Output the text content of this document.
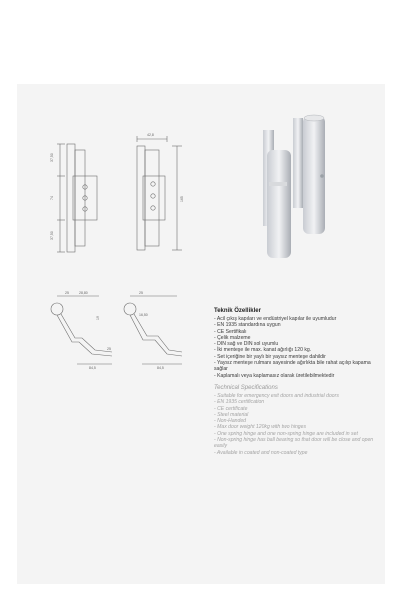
37,50
74
37,50
42,8
165
25	28,80	25
16,50
19
84,5	84,5
25
Teknik Özellikler
- Acil çıkış kapıları ve endüstriyel kapılar ile uyumludur
- EN 1935 standardına uygun
- CE Sertifikalı
- Çelik malzeme
- DIN sağ ve DIN sol uyumlu
- İki menteşe ile max. kanat ağırlığı 120 kg.
- Set içeriğine bir yaylı bir yaysız menteşe dahildir
- Yaysız menteşe rulmanı sayesinde ağırlıkta bile rahat açılıp kapama sağlar
- Kaplamalı veya kaplamasız olarak üretilebilmektedir
Technical Specifications
- Suitable for emergency exit doors and industrial doors
- EN 1935 certification
- CE certificate
- Steel material
- Non-Handed
- Max door weight 120kg with two hinges
- One spring hinge and one non-spring hinge are included in set
- Non-spring hinge has ball bearing so that door will be close and open easily
- Available in coated and non-coated type
